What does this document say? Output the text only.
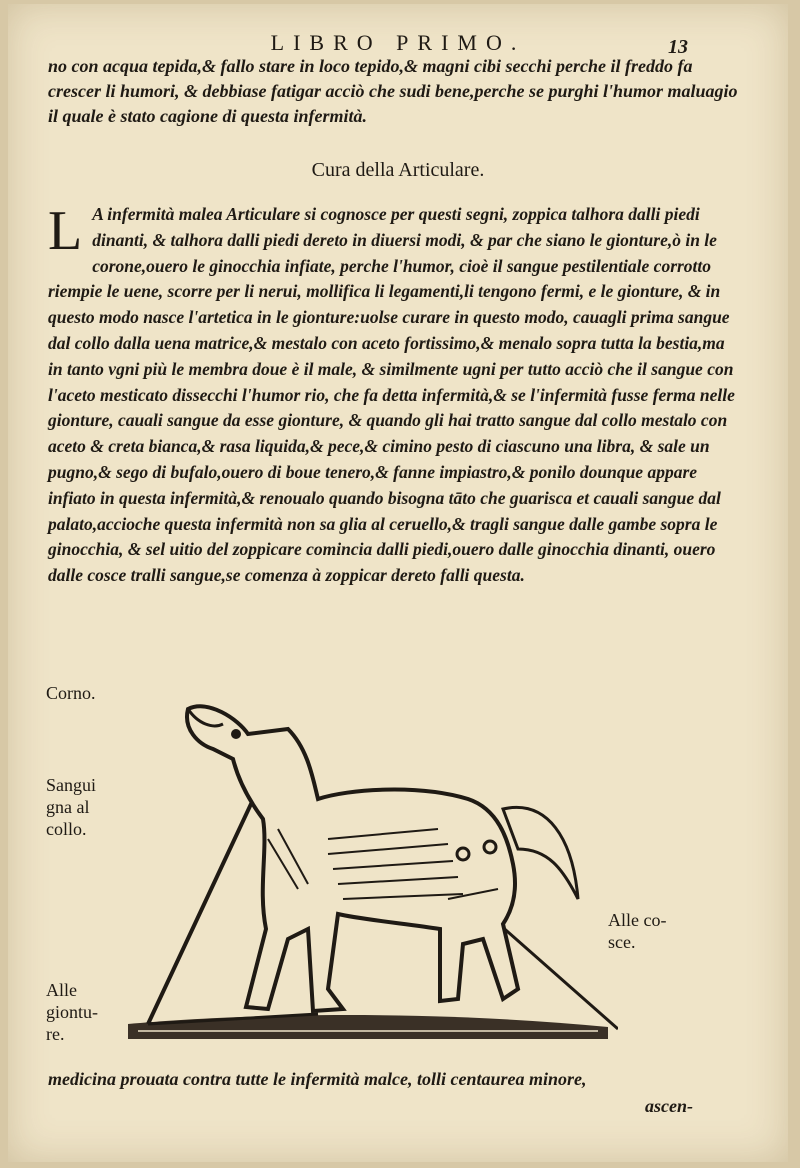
LIBRO PRIMO.	13
no con acqua tepida,& fallo stare in loco tepido,& magni cibi secchi perche il freddo fa crescer li humori, & debbiase fatigar acciò che sudi bene,perche se purghi l'humor maluagio il quale è stato cagione di questa infermità.
Cura della Articulare.
L A infermità malea Articulare si cognosce per questi segni, zoppica talhora dalli piedi dinanti, & talhora dalli piedi dereto in diuersi modi, & par che siano le gionture,ò in le corone,ouero le ginocchia infiate, perche l'humor, cioè il sangue pestilentiale corrotto riempie le uene, scorre per li nerui, mollifica li legamenti,li tengono fermi, e le gionture, & in questo modo nasce l'artetica in le gionture:uolse curare in questo modo, cauagli prima sangue dal collo dalla uena matrice,& mestalo con aceto fortissimo,& menalo sopra tutta la bestia,ma in tanto vgni più le membra doue è il male, & similmente ugni per tutto acciò che il sangue con l'aceto mesticato dissecchi l'humor rio, che fa detta infermità,& se l'infermità fusse ferma nelle gionture, cauali sangue da esse gionture, & quando gli hai tratto sangue dal collo mestalo con aceto & creta bianca,& rasa liquida,& pece,& cimino pesto di ciascuno una libra, & sale un pugno,& sego di bufalo,ouero di boue tenero,& fanne impiastro,& ponilo dounque appare infiato in questa infermità,& renoualo quando bisogna tāto che guarisca et cauali sangue dal palato,accioche questa infermità non sa glia al ceruello,& tragli sangue dalle gambe sopra le ginocchia, & sel uitio del zoppicare comincia dalli piedi,ouero dalle ginocchia dinanti, ouero dalle cosce tralli sangue,se comenza à zoppicar dereto falli questa.
Corno.
Sangui gna al collo.
Alle co- sce.
Alle giontu- re.
medicina prouata contra tutte le infermità malce, tolli centaurea minore,
ascen-
